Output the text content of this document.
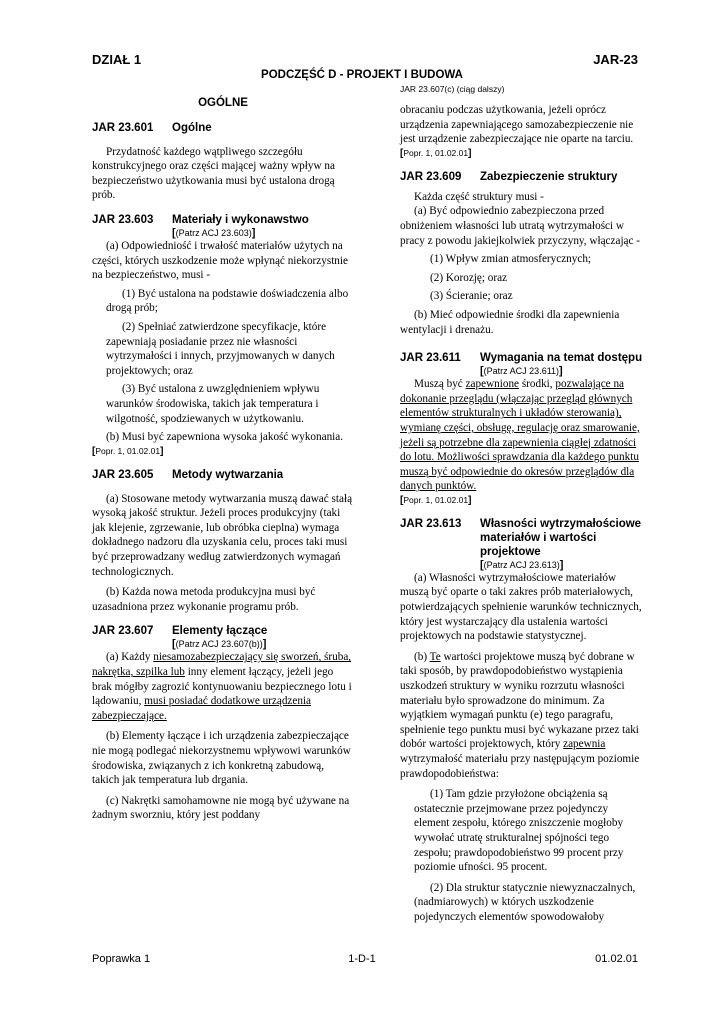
DZIAŁ 1	JAR-23
PODCZĘŚĆ D - PROJEKT I BUDOWA
OGÓLNE
JAR 23.601	Ogólne

Przydatność każdego wątpliwego szczegółu konstrukcyjnego oraz części mającej ważny wpływ na bezpieczeństwo użytkowania musi być ustalona drogą prób.

JAR 23.603	Materiały i wykonawstwo
[(Patrz ACJ 23.603)]

(a) Odpowiedniość i trwałość materiałów użytych na części, których uszkodzenie może wpłynąć niekorzystnie na bezpieczeństwo, musi -

(1) Być ustalona na podstawie doświadczenia albo drogą prób;

(2) Spełniać zatwierdzone specyfikacje, które zapewniają posiadanie przez nie własności wytrzymałości i innych, przyjmowanych w danych projektowych; oraz

(3) Być ustalona z uwzględnieniem wpływu warunków środowiska, takich jak temperatura i wilgotność, spodziewanych w użytkowaniu.

(b) Musi być zapewniona wysoka jakość wykonania.

[Popr. 1, 01.02.01]
JAR 23.605	Metody wytwarzania

(a) Stosowane metody wytwarzania muszą dawać stałą wysoką jakość struktur. Jeżeli proces produkcyjny (taki jak klejenie, zgrzewanie, lub obróbka cieplna) wymaga dokładnego nadzoru dla uzyskania celu, proces taki musi być przeprowadzany według zatwierdzonych wymagań technologicznych.

(b) Każda nowa metoda produkcyjna musi być uzasadniona przez wykonanie programu prób.

JAR 23.607	Elementy łączące
[(Patrz ACJ 23.607(b))]

(a) Każdy niesamozabezpieczający się sworzeń, śruba, nakrętka, szpilka lub inny element łączący, jeżeli jego brak mógłby zagrozić kontynuowaniu bezpiecznego lotu i lądowaniu, musi posiadać dodatkowe urządzenia zabezpieczające.

(b) Elementy łączące i ich urządzenia zabezpieczające nie mogą podlegać niekorzystnemu wpływowi warunków środowiska, związanych z ich konkretną zabudową, takich jak temperatura lub drgania.

(c) Nakrętki samohamowne nie mogą być używane na żadnym sworzniu, który jest poddany

JAR 23.607(c) (ciąg dalszy)

obracaniu podczas użytkowania, jeżeli oprócz urządzenia zapewniającego samozabezpieczenie nie jest urządzenie zabezpieczające nie oparte na tarciu.

[Popr. 1, 01.02.01]
JAR 23.609	Zabezpieczenie struktury

Każda część struktury musi -

(a) Być odpowiednio zabezpieczona przed obniżeniem własności lub utratą wytrzymałości w pracy z powodu jakiejkolwiek przyczyny, włączając -

(1) Wpływ zmian atmosferycznych;

(2) Korozję; oraz

(3) Ścieranie; oraz

(b) Mieć odpowiednie środki dla zapewnienia wentylacji i drenażu.

JAR 23.611	Wymagania na temat dostępu
[(Patrz ACJ 23.611)]

Muszą być zapewnione środki, pozwalające na dokonanie przeglądu (włączając przegląd głównych elementów strukturalnych i układów sterowania), wymianę części, obsługę, regulację oraz smarowanie, jeżeli są potrzebne dla zapewnienia ciągłej zdatności do lotu. Możliwości sprawdzania dla każdego punktu muszą być odpowiednie do okresów przeglądów dla danych punktów.

[Popr. 1, 01.02.01]
JAR 23.613	Własności wytrzymałościowe materiałów i wartości projektowe
[(Patrz ACJ 23.613)]

(a) Własności wytrzymałościowe materiałów muszą być oparte o taki zakres prób materiałowych, potwierdzających spełnienie warunków technicznych, który jest wystarczający dla ustalenia wartości projektowych na podstawie statystycznej.

(b) Te wartości projektowe muszą być dobrane w taki sposób, by prawdopodobieństwo wystąpienia uszkodzeń struktury w wyniku rozrzutu własności materiału było sprowadzone do minimum. Za wyjątkiem wymagań punktu (e) tego paragrafu, spełnienie tego punktu musi być wykazane przez taki dobór wartości projektowych, który zapewnia wytrzymałość materiału przy następującym poziomie prawdopodobieństwa:

(1) Tam gdzie przyłożone obciążenia są ostatecznie przejmowane przez pojedynczy element zespołu, którego zniszczenie mogłoby wywołać utratę strukturalnej spójności tego zespołu; prawdopodobieństwo 99 procent przy poziomie ufności. 95 procent.

(2) Dla struktur statycznie niewyznaczalnych, (nadmiarowych) w których uszkodzenie pojedynczych elementów spowodowałoby

Poprawka 1	1-D-1	01.02.01
